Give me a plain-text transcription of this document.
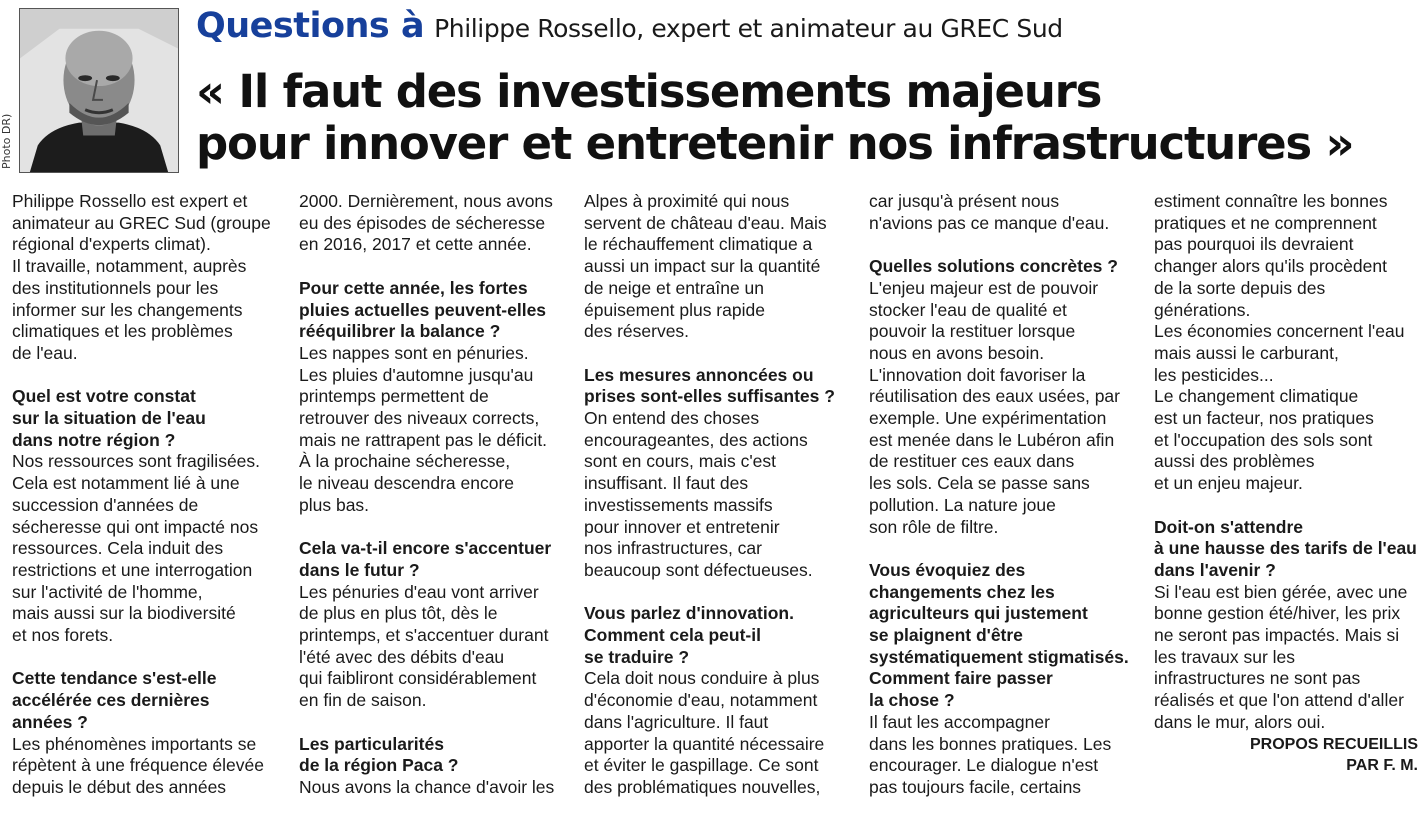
Photo DR)
Questions à Philippe Rossello, expert et animateur au GREC Sud
« Il faut des investissements majeurs
pour innover et entretenir nos infrastructures »

Philippe Rossello est expert et
animateur au GREC Sud (groupe
régional d'experts climat).
Il travaille, notamment, auprès
des institutionnels pour les
informer sur les changements
climatiques et les problèmes
de l'eau.

Quel est votre constat
sur la situation de l'eau
dans notre région ?

Nos ressources sont fragilisées.
Cela est notamment lié à une
succession d'années de
sécheresse qui ont impacté nos
ressources. Cela induit des
restrictions et une interrogation
sur l'activité de l'homme,
mais aussi sur la biodiversité
et nos forets.

Cette tendance s'est-elle
accélérée ces dernières
années ?

Les phénomènes importants se
répètent à une fréquence élevée
depuis le début des années

2000. Dernièrement, nous avons
eu des épisodes de sécheresse
en 2016, 2017 et cette année.

Pour cette année, les fortes
pluies actuelles peuvent-elles
rééquilibrer la balance ?

Les nappes sont en pénuries.
Les pluies d'automne jusqu'au
printemps permettent de
retrouver des niveaux corrects,
mais ne rattrapent pas le déficit.
À la prochaine sécheresse,
le niveau descendra encore
plus bas.

Cela va-t-il encore s'accentuer
dans le futur ?

Les pénuries d'eau vont arriver
de plus en plus tôt, dès le
printemps, et s'accentuer durant
l'été avec des débits d'eau
qui faibliront considérablement
en fin de saison.

Les particularités
de la région Paca ?

Nous avons la chance d'avoir les

Alpes à proximité qui nous
servent de château d'eau. Mais
le réchauffement climatique a
aussi un impact sur la quantité
de neige et entraîne un
épuisement plus rapide
des réserves.

Les mesures annoncées ou
prises sont-elles suffisantes ?

On entend des choses
encourageantes, des actions
sont en cours, mais c'est
insuffisant. Il faut des
investissements massifs
pour innover et entretenir
nos infrastructures, car
beaucoup sont défectueuses.

Vous parlez d'innovation.
Comment cela peut-il
se traduire ?

Cela doit nous conduire à plus
d'économie d'eau, notamment
dans l'agriculture. Il faut
apporter la quantité nécessaire
et éviter le gaspillage. Ce sont
des problématiques nouvelles,

car jusqu'à présent nous
n'avions pas ce manque d'eau.

Quelles solutions concrètes ?

L'enjeu majeur est de pouvoir
stocker l'eau de qualité et
pouvoir la restituer lorsque
nous en avons besoin.
L'innovation doit favoriser la
réutilisation des eaux usées, par
exemple. Une expérimentation
est menée dans le Lubéron afin
de restituer ces eaux dans
les sols. Cela se passe sans
pollution. La nature joue
son rôle de filtre.

Vous évoquiez des
changements chez les
agriculteurs qui justement
se plaignent d'être
systématiquement stigmatisés.
Comment faire passer
la chose ?

Il faut les accompagner
dans les bonnes pratiques. Les
encourager. Le dialogue n'est
pas toujours facile, certains

estiment connaître les bonnes
pratiques et ne comprennent
pas pourquoi ils devraient
changer alors qu'ils procèdent
de la sorte depuis des
générations.
Les économies concernent l'eau
mais aussi le carburant,
les pesticides...
Le changement climatique
est un facteur, nos pratiques
et l'occupation des sols sont
aussi des problèmes
et un enjeu majeur.

Doit-on s'attendre
à une hausse des tarifs de l'eau
dans l'avenir ?

Si l'eau est bien gérée, avec une
bonne gestion été/hiver, les prix
ne seront pas impactés. Mais si
les travaux sur les
infrastructures ne sont pas
réalisés et que l'on attend d'aller
dans le mur, alors oui.

PROPOS RECUEILLIS
PAR F. M.
